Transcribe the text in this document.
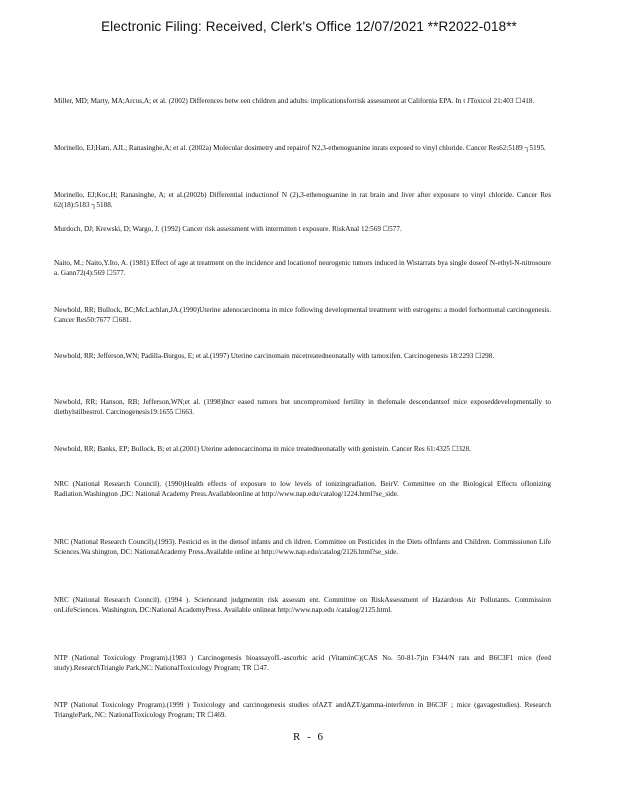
Electronic Filing: Received, Clerk's Office 12/07/2021 **R2022-018**
Miller, MD; Marty, MA;Arcus,A; et al. (2002) Differences betw een children and adults: implicationsforrisk assessment at California EPA. In t JToxicol 21:403 ☐418.
Morinello, EJ;Ham, AJL; Ranasinghe,A; et al. (2002a) Molecular dosimetry and repairof N2,3-ethenoguanine inrats exposed to vinyl chloride. Cancer Res62:5189 ┐5195.
Morinello, EJ;Koc,H; Ranasinghe, A; et al.(2002b) Differential inductionof N (2),3-ethenoguanine in rat brain and liver after exposure to vinyl chloride. Cancer Res 62(18):5183 ┐5188.
Murdoch, DJ; Krewski, D; Wargo, J. (1992) Cancer risk assessment with intermitten t exposure. RiskAnal 12:569 ☐577.
Naito, M.; Naito,Y.Ito, A. (1981) Effect of age at treatment on the incidence and locationof neurogenic tumors induced in Wistarrats bya single doseof N-ethyl-N-nitrosoure a. Gann72(4):569 ☐577.
Newbold, RR; Bullock, BC;McLachlan,JA.(1990)Uterine adenocarcinoma in mice following developmental treatment with estrogens: a model forhormonal carcinogenesis. Cancer Res50:7677 ☐681.
Newbold, RR; Jefferson,WN; Padilla-Burgos, E; et al.(1997) Uterine carcinomain micetreatedneonatally with tamoxifen. Carcinogenesis 18:2293 ☐298.
Newbold, RR; Hanson, RB; Jefferson,WN;et al. (1998)Incr eased tumors but uncompromised fertility in thefemale descendantsof mice exposeddevelopmentally to diethylstilbestrol. Carcinogenesis19:1655 ☐663.
Newbold, RR; Banks, EP; Bullock, B; et al.(2001) Uterine adenocarcinoma in mice treatedneonatally with genistein. Cancer Res 61:4325 ☐328.
NRC (National Research Council). (1990)Health effects of exposure to low levels of ionizingradiation. BeirV. Committee on the Biological Effects ofIonizing Radiation.Washington ,DC: National Academy Press.Availableonline at http://www.nap.edu/catalog/1224.html?se_side.
NRC (National Research Council).(1993). Pesticid es in the dietsof infants and ch ildren. Committee on Pesticides in the Diets ofInfants and Children. Commissionon Life Sciences.Wa shington, DC: NationalAcademy Press.Available online at http://www.nap.edu/catalog/2126.html?se_side.
NRC (National Research Council). (1994 ). Scienceand judgmentin risk assessm ent. Committee on RiskAssessment of Hazardous Air Pollutants. Commission onLifeSciences. Washington, DC:National AcademyPress. Available onlineat http://www.nap.edu /catalog/2125.html.
NTP (National Toxicology Program).(1983 ) Carcinogenesis bioassayofL-ascorbic acid (VitaminC)(CAS No. 50-81-7)in F344/N rats and B6C3F1 mice (feed study).ResearchTriangle Park,NC: NationalToxicology Program; TR ☐47.
NTP (National Toxicology Program).(1999 ) Toxicology and carcinogenesis studies ofAZT andAZT/gamma-interferon in B6C3F ; mice (gavagestudies). Research TrianglePark, NC: NationalToxicology Program; TR ☐469.
R - 6
